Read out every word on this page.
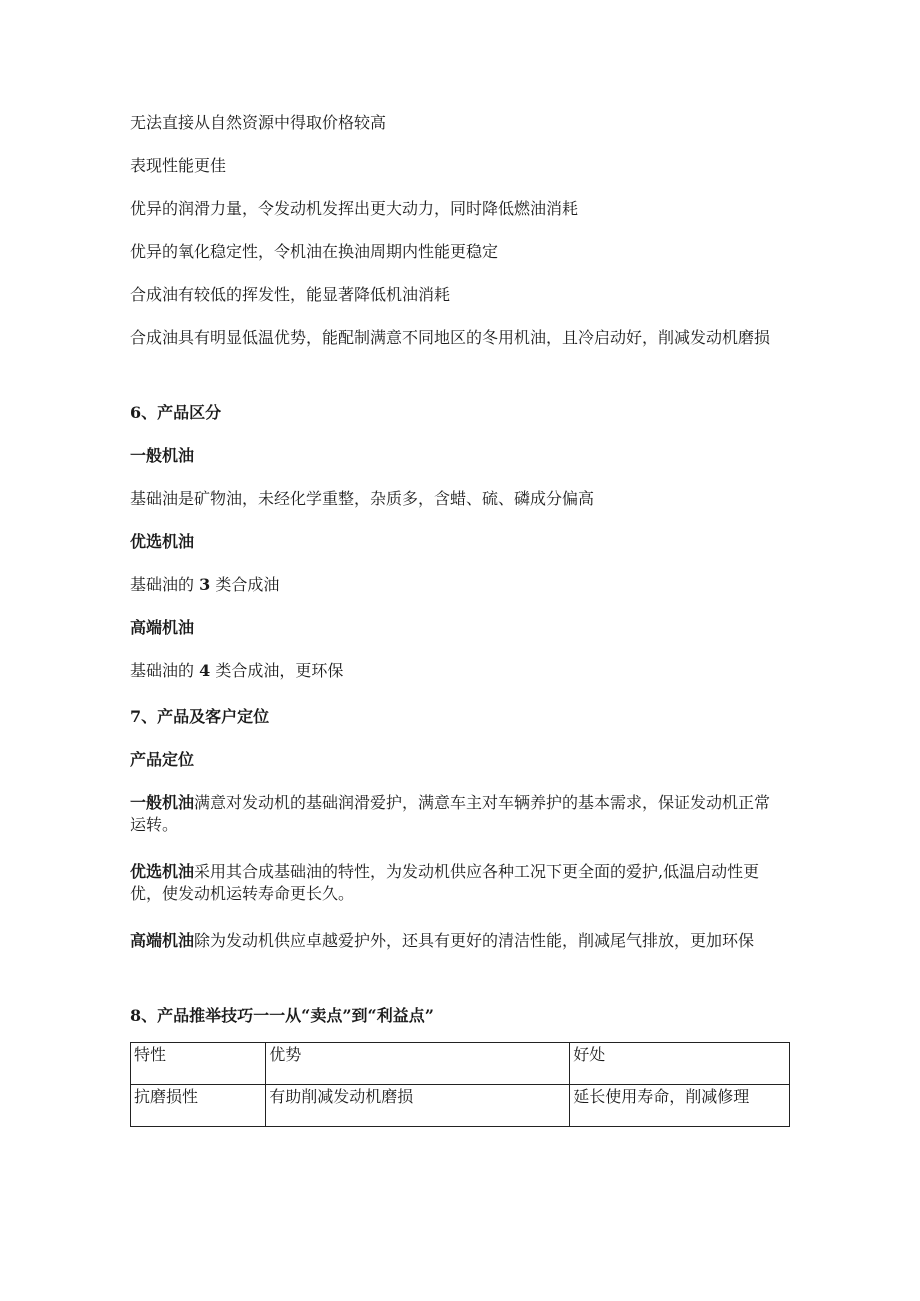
无法直接从自然资源中得取价格较高
表现性能更佳
优异的润滑力量，令发动机发挥出更大动力，同时降低燃油消耗
优异的氧化稳定性，令机油在换油周期内性能更稳定
合成油有较低的挥发性，能显著降低机油消耗
合成油具有明显低温优势，能配制满意不同地区的冬用机油，且冷启动好，削减发动机磨损
6、产品区分
一般机油
基础油是矿物油，未经化学重整，杂质多，含蜡、硫、磷成分偏高
优选机油
基础油的 3 类合成油
高端机油
基础油的 4 类合成油，更环保
7、产品及客户定位
产品定位
一般机油满意对发动机的基础润滑爱护，满意车主对车辆养护的基本需求，保证发动机正常运转。
优选机油采用其合成基础油的特性，为发动机供应各种工况下更全面的爱护,低温启动性更优，使发动机运转寿命更长久。
高端机油除为发动机供应卓越爱护外，还具有更好的清洁性能，削减尾气排放，更加环保
8、产品推举技巧一一从“卖点”到“利益点”
特性	优势	好处
抗磨损性	有助削减发动机磨损	延长使用寿命，削减修理
